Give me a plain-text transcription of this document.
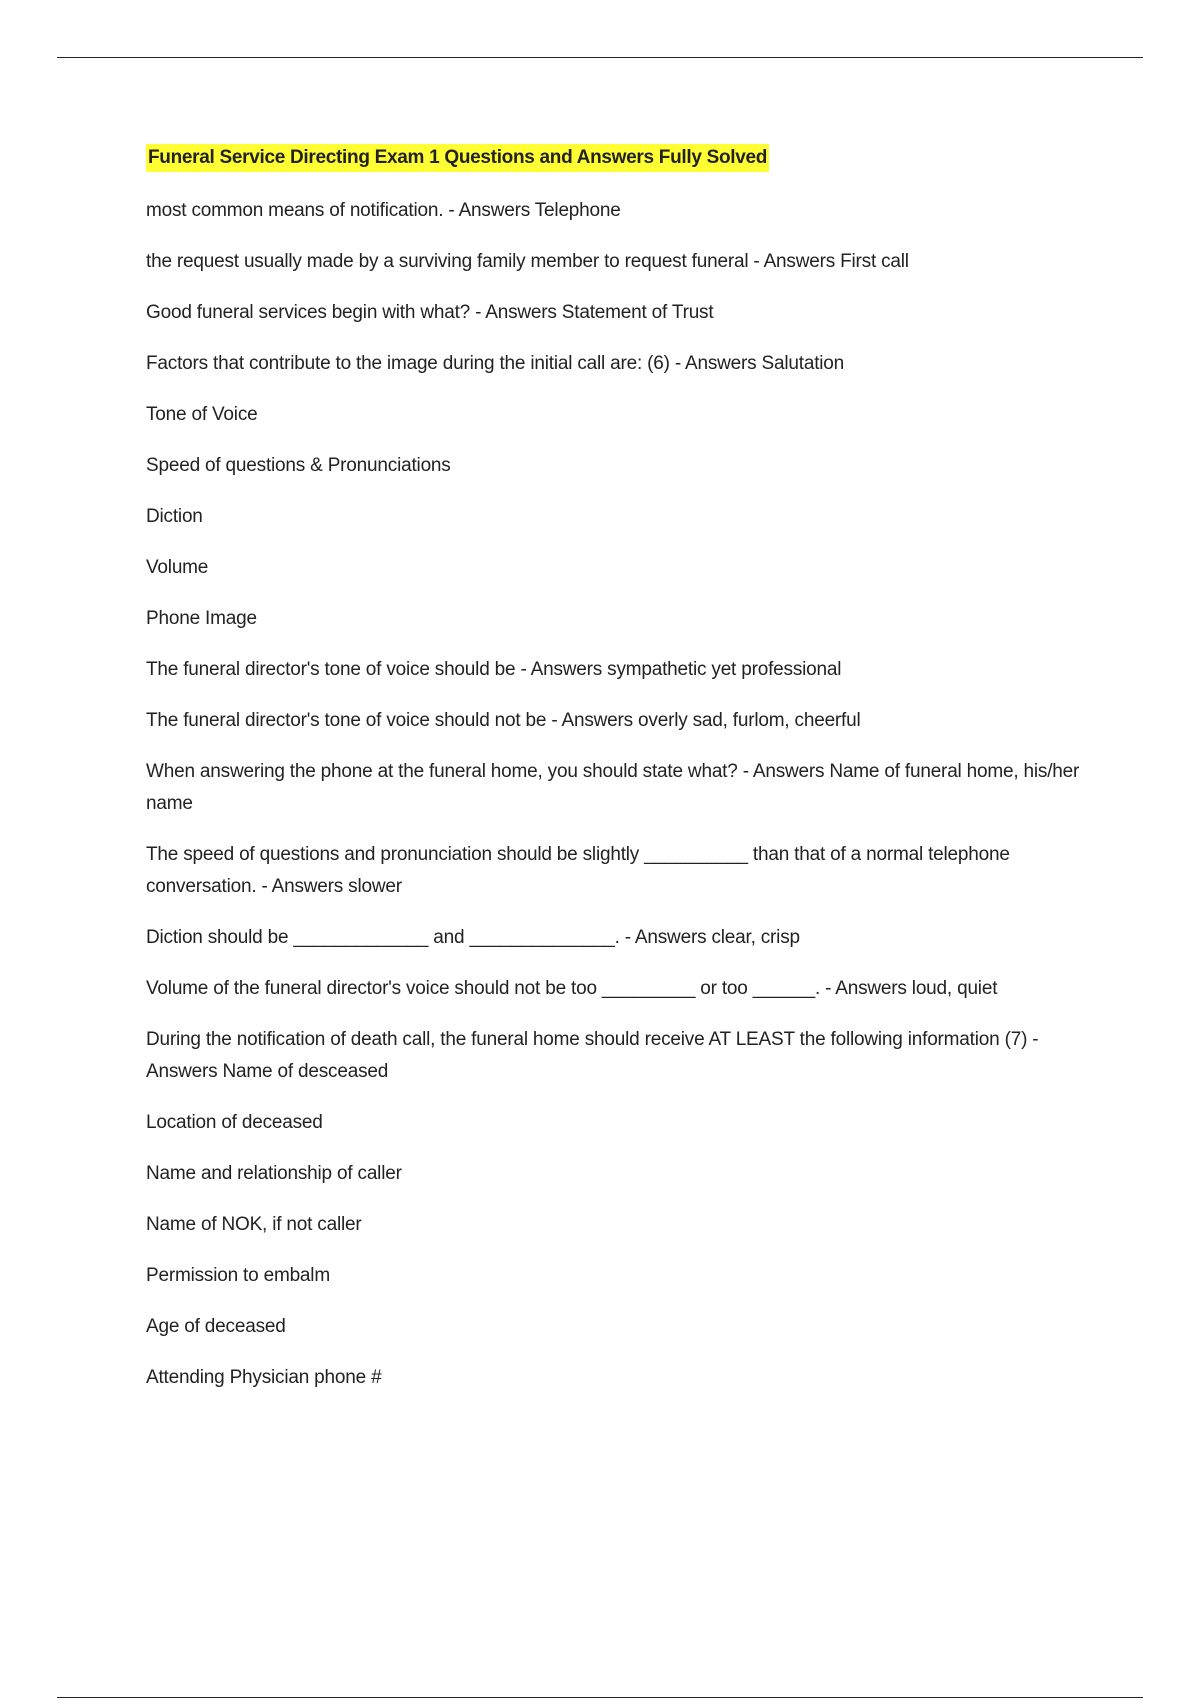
Funeral Service Directing Exam 1 Questions and Answers Fully Solved
most common means of notification. - Answers Telephone
the request usually made by a surviving family member to request funeral - Answers First call
Good funeral services begin with what? - Answers Statement of Trust
Factors that contribute to the image during the initial call are: (6) - Answers Salutation
Tone of Voice
Speed of questions & Pronunciations
Diction
Volume
Phone Image
The funeral director's tone of voice should be - Answers sympathetic yet professional
The funeral director's tone of voice should not be - Answers overly sad, furlom, cheerful
When answering the phone at the funeral home, you should state what? - Answers Name of funeral home, his/her name
The speed of questions and pronunciation should be slightly __________ than that of a normal telephone conversation. - Answers slower
Diction should be _____________ and ______________. - Answers clear, crisp
Volume of the funeral director's voice should not be too _________ or too ______. - Answers loud, quiet
During the notification of death call, the funeral home should receive AT LEAST the following information (7) - Answers Name of desceased
Location of deceased
Name and relationship of caller
Name of NOK, if not caller
Permission to embalm
Age of deceased
Attending Physician phone #
